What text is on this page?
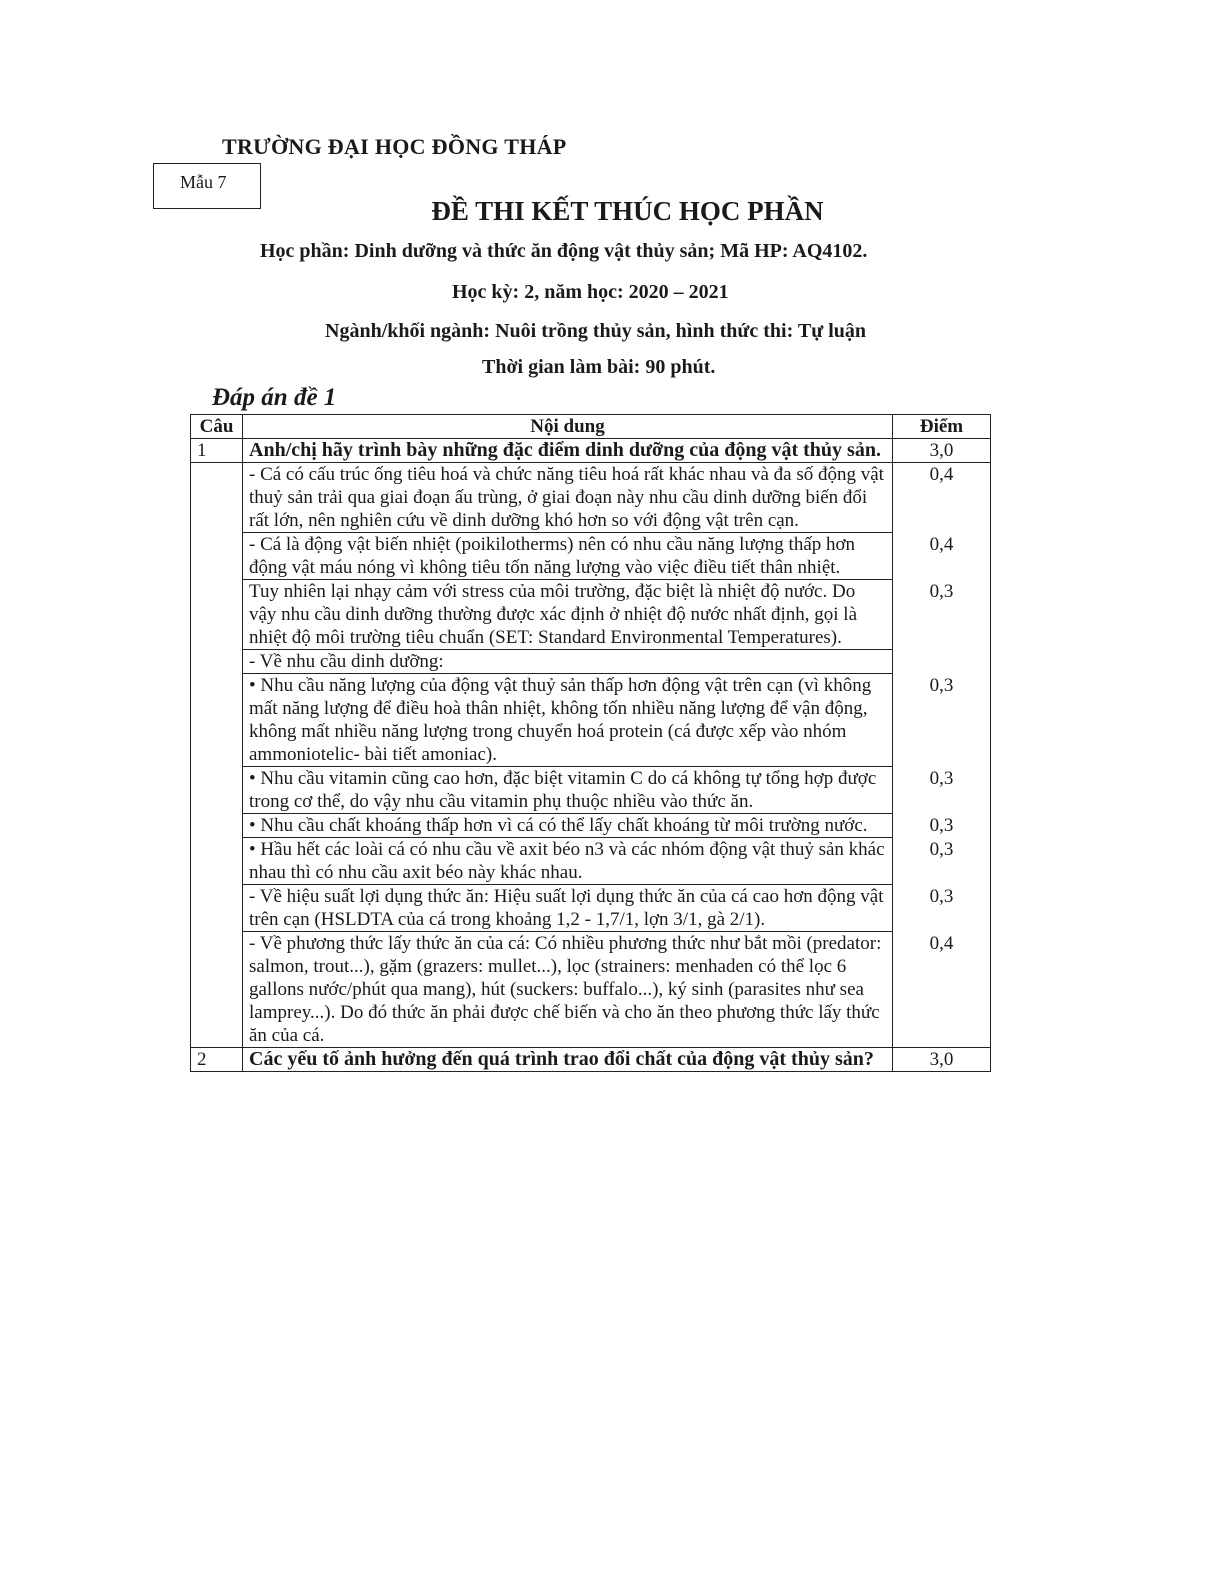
TRƯỜNG ĐẠI HỌC ĐỒNG THÁP
Mẫu 7
ĐỀ THI KẾT THÚC HỌC PHẦN
Học phần: Dinh dưỡng và thức ăn động vật thủy sản; Mã HP: AQ4102.
Học kỳ: 2, năm học: 2020 – 2021
Ngành/khối ngành: Nuôi trồng thủy sản, hình thức thi: Tự luận
Thời gian làm bài: 90 phút.
Đáp án đề 1
Câu	Nội dung	Điểm
1	Anh/chị hãy trình bày những đặc điểm dinh dưỡng của động vật thủy sản.	3,0
	- Cá có cấu trúc ống tiêu hoá và chức năng tiêu hoá rất khác nhau và đa số động vật thuỷ sản trải qua giai đoạn ấu trùng, ở giai đoạn này nhu cầu dinh dưỡng biến đổi rất lớn, nên nghiên cứu về dinh dưỡng khó hơn so với động vật trên cạn.	0,4
	- Cá là động vật biến nhiệt (poikilotherms) nên có nhu cầu năng lượng thấp hơn động vật máu nóng vì không tiêu tốn năng lượng vào việc điều tiết thân nhiệt.	0,4
	Tuy nhiên lại nhạy cảm với stress của môi trường, đặc biệt là nhiệt độ nước. Do vậy nhu cầu dinh dưỡng thường được xác định ở nhiệt độ nước nhất định, gọi là nhiệt độ môi trường tiêu chuẩn (SET: Standard Environmental Temperatures).	0,3
	- Về nhu cầu dinh dưỡng:	
	• Nhu cầu năng lượng của động vật thuỷ sản thấp hơn động vật trên cạn (vì không mất năng lượng để điều hoà thân nhiệt, không tốn nhiều năng lượng để vận động, không mất nhiều năng lượng trong chuyển hoá protein (cá được xếp vào nhóm ammoniotelic- bài tiết amoniac).	0,3
	• Nhu cầu vitamin cũng cao hơn, đặc biệt vitamin C do cá không tự tổng hợp được trong cơ thể, do vậy nhu cầu vitamin phụ thuộc nhiều vào thức ăn.	0,3
	• Nhu cầu chất khoáng thấp hơn vì cá có thể lấy chất khoáng từ môi trường nước.	0,3
	• Hầu hết các loài cá có nhu cầu về axit béo n3 và các nhóm động vật thuỷ sản khác nhau thì có nhu cầu axit béo này khác nhau.	0,3
	- Về hiệu suất lợi dụng thức ăn: Hiệu suất lợi dụng thức ăn của cá cao hơn động vật trên cạn (HSLDTA của cá trong khoảng 1,2 - 1,7/1, lợn 3/1, gà 2/1).	0,3
	- Về phương thức lấy thức ăn của cá: Có nhiều phương thức như bắt mồi (predator: salmon, trout...), gặm (grazers: mullet...), lọc (strainers: menhaden có thể lọc 6 gallons nước/phút qua mang), hút (suckers: buffalo...), ký sinh (parasites như sea lamprey...). Do đó thức ăn phải được chế biến và cho ăn theo phương thức lấy thức ăn của cá.	0,4
2	Các yếu tố ảnh hưởng đến quá trình trao đổi chất của động vật thủy sản?	3,0
